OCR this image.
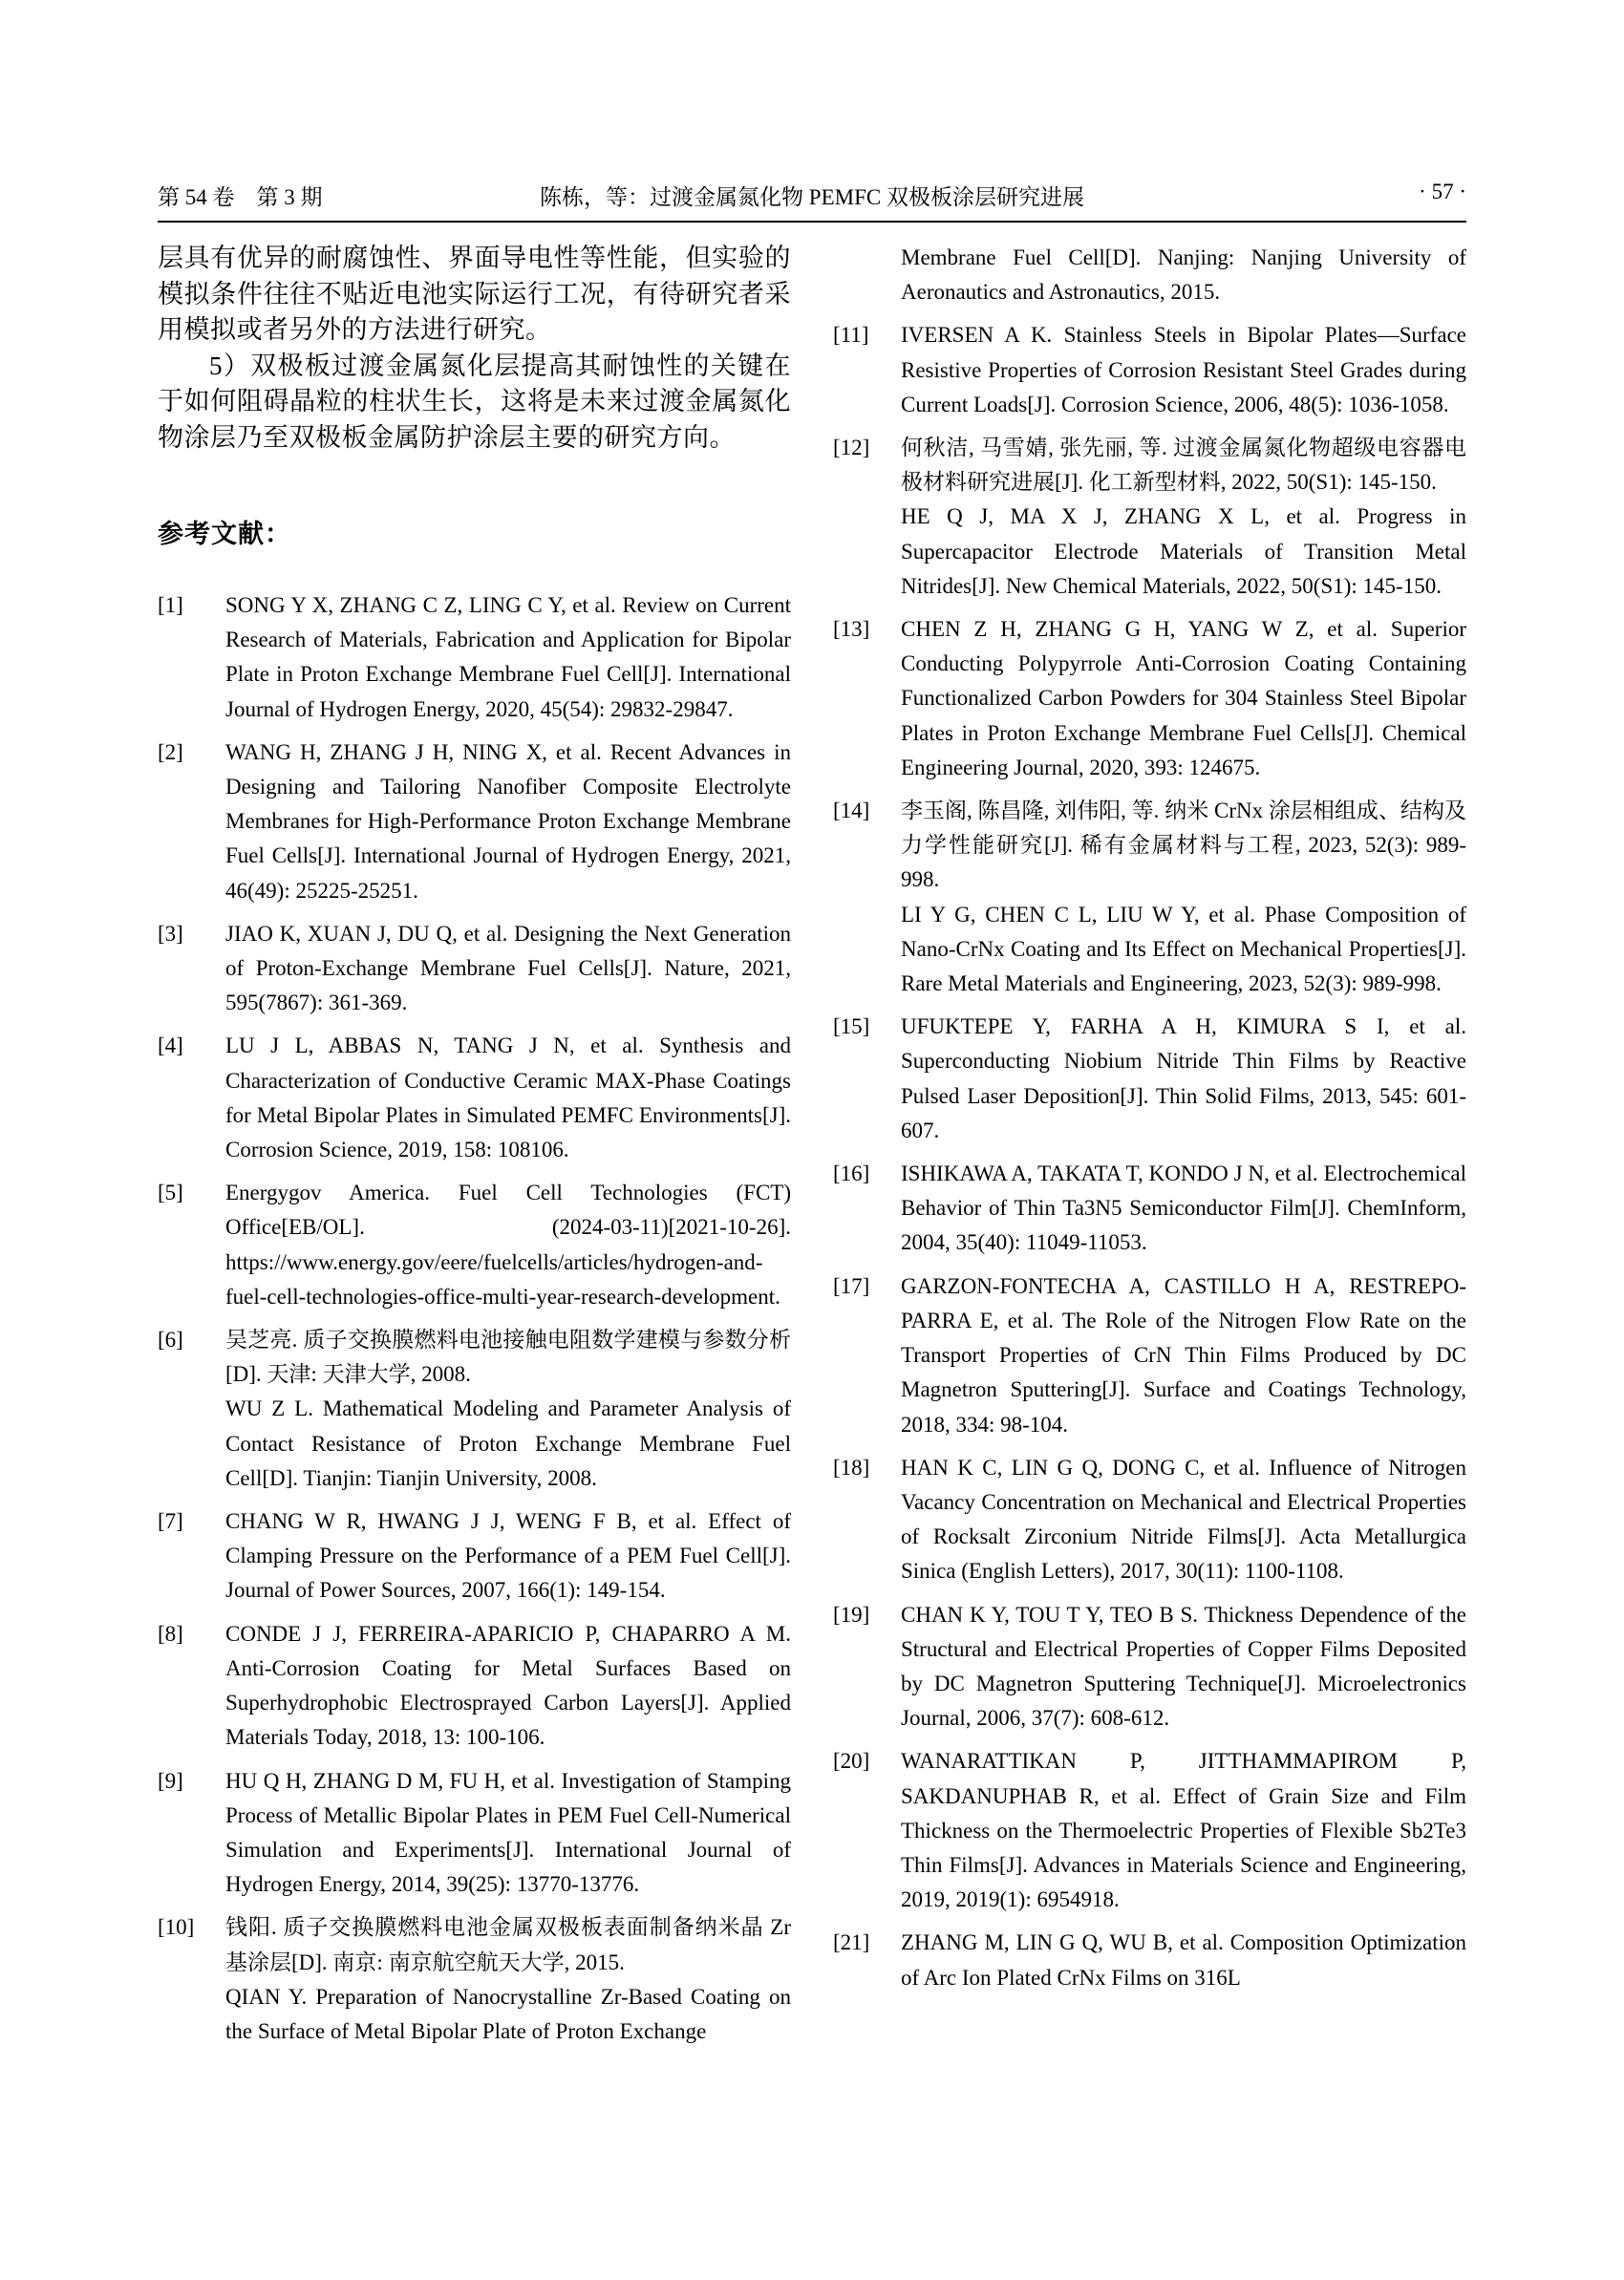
第 54 卷　第 3 期	陈栋，等：过渡金属氮化物 PEMFC 双极板涂层研究进展	· 57 ·

层具有优异的耐腐蚀性、界面导电性等性能，但实验的模拟条件往往不贴近电池实际运行工况，有待研究者采用模拟或者另外的方法进行研究。

5）双极板过渡金属氮化层提高其耐蚀性的关键在于如何阻碍晶粒的柱状生长，这将是未来过渡金属氮化物涂层乃至双极板金属防护涂层主要的研究方向。

参考文献：
[1] SONG Y X, ZHANG C Z, LING C Y, et al. Review on Current Research of Materials, Fabrication and Application for Bipolar Plate in Proton Exchange Membrane Fuel Cell[J]. International Journal of Hydrogen Energy, 2020, 45(54): 29832-29847.
[2] WANG H, ZHANG J H, NING X, et al. Recent Advances in Designing and Tailoring Nanofiber Composite Electrolyte Membranes for High-Performance Proton Exchange Membrane Fuel Cells[J]. International Journal of Hydrogen Energy, 2021, 46(49): 25225-25251.
[3] JIAO K, XUAN J, DU Q, et al. Designing the Next Generation of Proton-Exchange Membrane Fuel Cells[J]. Nature, 2021, 595(7867): 361-369.
[4] LU J L, ABBAS N, TANG J N, et al. Synthesis and Characterization of Conductive Ceramic MAX-Phase Coatings for Metal Bipolar Plates in Simulated PEMFC Environments[J]. Corrosion Science, 2019, 158: 108106.
[5] Energygov America. Fuel Cell Technologies (FCT) Office[EB/OL]. (2024-03-11)[2021-10-26]. https://www.energy.gov/eere/fuelcells/articles/hydrogen-and-fuel-cell-technologies-office-multi-year-research-development.
[6] 吴芝亮. 质子交换膜燃料电池接触电阻数学建模与参数分析[D]. 天津: 天津大学, 2008.
WU Z L. Mathematical Modeling and Parameter Analysis of Contact Resistance of Proton Exchange Membrane Fuel Cell[D]. Tianjin: Tianjin University, 2008.
[7] CHANG W R, HWANG J J, WENG F B, et al. Effect of Clamping Pressure on the Performance of a PEM Fuel Cell[J]. Journal of Power Sources, 2007, 166(1): 149-154.
[8] CONDE J J, FERREIRA-APARICIO P, CHAPARRO A M. Anti-Corrosion Coating for Metal Surfaces Based on Superhydrophobic Electrosprayed Carbon Layers[J]. Applied Materials Today, 2018, 13: 100-106.
[9] HU Q H, ZHANG D M, FU H, et al. Investigation of Stamping Process of Metallic Bipolar Plates in PEM Fuel Cell-Numerical Simulation and Experiments[J]. International Journal of Hydrogen Energy, 2014, 39(25): 13770-13776.
[10] 钱阳. 质子交换膜燃料电池金属双极板表面制备纳米晶 Zr 基涂层[D]. 南京: 南京航空航天大学, 2015.
QIAN Y. Preparation of Nanocrystalline Zr-Based Coating on the Surface of Metal Bipolar Plate of Proton Exchange
Membrane Fuel Cell[D]. Nanjing: Nanjing University of Aeronautics and Astronautics, 2015.
[11] IVERSEN A K. Stainless Steels in Bipolar Plates—Surface Resistive Properties of Corrosion Resistant Steel Grades during Current Loads[J]. Corrosion Science, 2006, 48(5): 1036-1058.
[12] 何秋洁, 马雪婧, 张先丽, 等. 过渡金属氮化物超级电容器电极材料研究进展[J]. 化工新型材料, 2022, 50(S1): 145-150.
HE Q J, MA X J, ZHANG X L, et al. Progress in Supercapacitor Electrode Materials of Transition Metal Nitrides[J]. New Chemical Materials, 2022, 50(S1): 145-150.
[13] CHEN Z H, ZHANG G H, YANG W Z, et al. Superior Conducting Polypyrrole Anti-Corrosion Coating Containing Functionalized Carbon Powders for 304 Stainless Steel Bipolar Plates in Proton Exchange Membrane Fuel Cells[J]. Chemical Engineering Journal, 2020, 393: 124675.
[14] 李玉阁, 陈昌隆, 刘伟阳, 等. 纳米 CrNx 涂层相组成、结构及力学性能研究[J]. 稀有金属材料与工程, 2023, 52(3): 989-998.
LI Y G, CHEN C L, LIU W Y, et al. Phase Composition of Nano-CrNx Coating and Its Effect on Mechanical Properties[J]. Rare Metal Materials and Engineering, 2023, 52(3): 989-998.
[15] UFUKTEPE Y, FARHA A H, KIMURA S I, et al. Superconducting Niobium Nitride Thin Films by Reactive Pulsed Laser Deposition[J]. Thin Solid Films, 2013, 545: 601-607.
[16] ISHIKAWA A, TAKATA T, KONDO J N, et al. Electrochemical Behavior of Thin Ta3N5 Semiconductor Film[J]. ChemInform, 2004, 35(40): 11049-11053.
[17] GARZON-FONTECHA A, CASTILLO H A, RESTREPO-PARRA E, et al. The Role of the Nitrogen Flow Rate on the Transport Properties of CrN Thin Films Produced by DC Magnetron Sputtering[J]. Surface and Coatings Technology, 2018, 334: 98-104.
[18] HAN K C, LIN G Q, DONG C, et al. Influence of Nitrogen Vacancy Concentration on Mechanical and Electrical Properties of Rocksalt Zirconium Nitride Films[J]. Acta Metallurgica Sinica (English Letters), 2017, 30(11): 1100-1108.
[19] CHAN K Y, TOU T Y, TEO B S. Thickness Dependence of the Structural and Electrical Properties of Copper Films Deposited by DC Magnetron Sputtering Technique[J]. Microelectronics Journal, 2006, 37(7): 608-612.
[20] WANARATTIKAN P, JITTHAMMAPIROM P, SAKDANUPHAB R, et al. Effect of Grain Size and Film Thickness on the Thermoelectric Properties of Flexible Sb2Te3 Thin Films[J]. Advances in Materials Science and Engineering, 2019, 2019(1): 6954918.
[21] ZHANG M, LIN G Q, WU B, et al. Composition Optimization of Arc Ion Plated CrNx Films on 316L
